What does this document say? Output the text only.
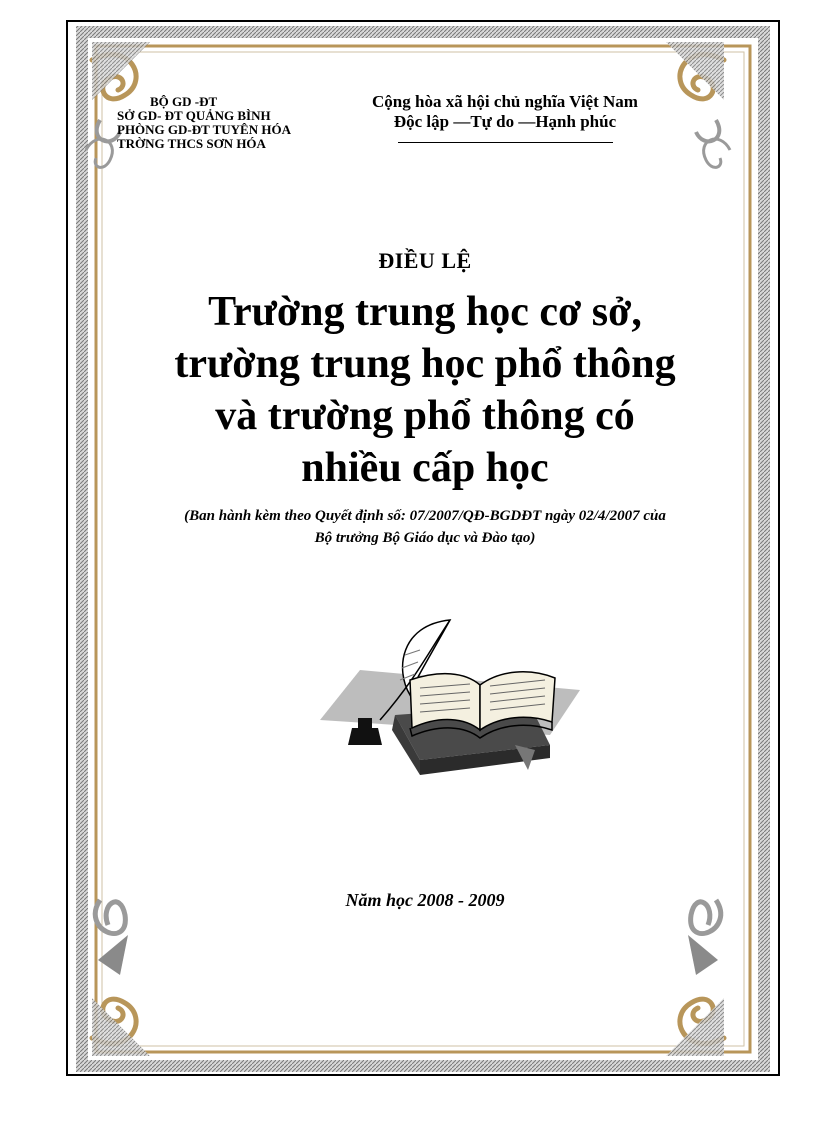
BỘ GD -ĐT
SỞ GD- ĐT QUẢNG BÌNH
PHÒNG GD-ĐT TUYÊN HÓA
TRỜNG THCS SƠN HÓA
Cộng hòa xã hội chủ nghĩa Việt Nam
Độc lập —Tự do —Hạnh phúc
ĐIỀU LỆ
Trường trung học cơ sở,
trường trung học phổ thông
và trường phổ thông có
nhiều cấp học
(Ban hành kèm theo Quyết định số: 07/2007/QĐ-BGDĐT ngày 02/4/2007 của
Bộ trưởng Bộ Giáo dục và Đào tạo)
Năm học 2008 - 2009
